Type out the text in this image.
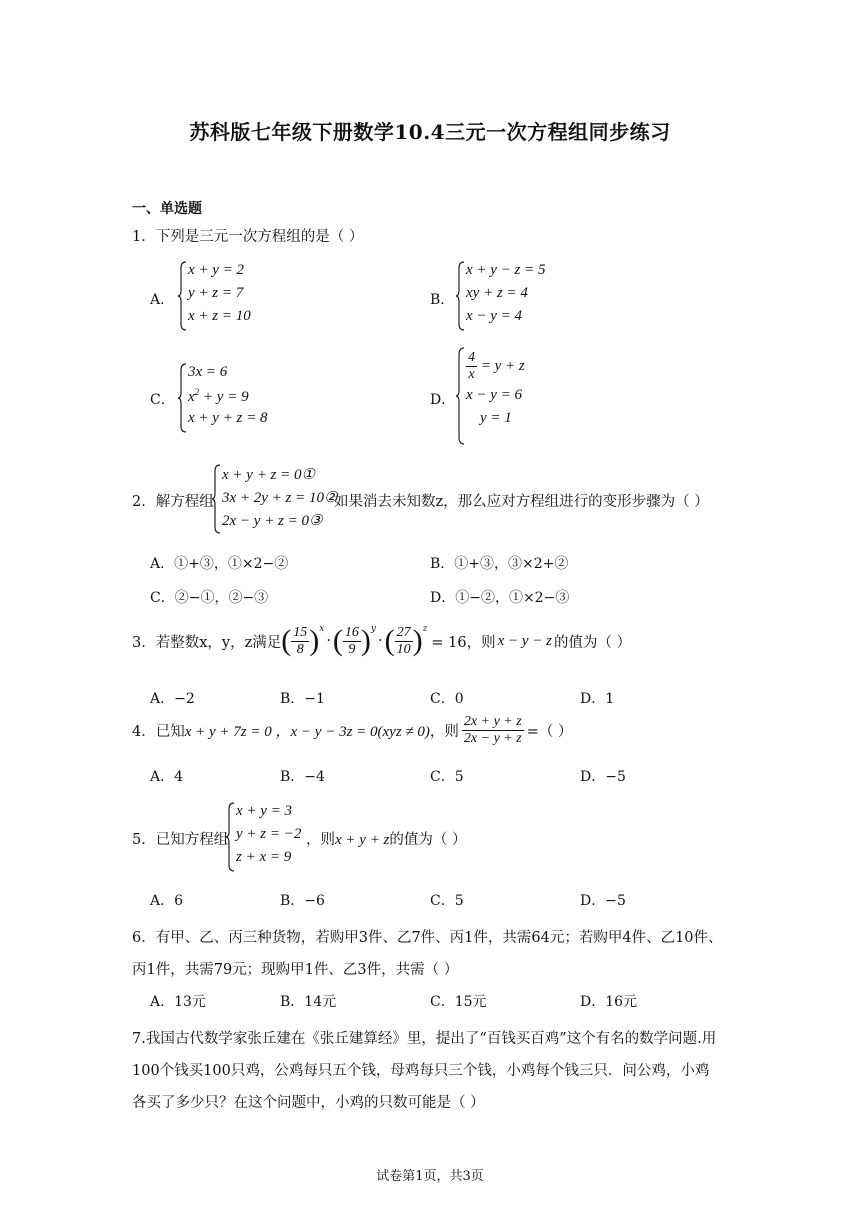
苏科版七年级下册数学10.4三元一次方程组同步练习
一、单选题
1．下列是三元一次方程组的是（ ）
A．
x + y = 2
y + z = 7
x + z = 10
B．
x + y − z = 5
xy + z = 4
x − y = 4
C．
3x = 6
$x^2 + y = 9$
x + y + z = 8
D．
$\frac{4}{x} = y + z$
x − y = 6
y = 1
2．解方程组
x + y + z = 0①
3x + 2y + z = 10②
2x − y + z = 0③
如果消去未知数z，那么应对方程组进行的变形步骤为（ ）
A．①+③，①×2−②	B．①+③，③×2+②
C．②−①，②−③	D．①−②，①×2−③
3．若整数x，y，z满足 ( $\frac{15}{8} )^x$
· ( $\frac{16}{9} )^y$
· ( $\frac{27}{10} )^z$
= 16，则 x − y − z 的值为（ ）
A．−2	B．−1	C．0	D．1
4．已知 x + y + 7z = 0 ，x − y − 3z = 0(xyz ≠ 0) ，则 $\frac{2x + y + z}{2x - y + z}$ =（ ）
A．4	B．−4	C．5	D．−5
5．已知方程组
x + y = 3
y + z = −2
z + x = 9
，则x + y + z的值为（ ）
A．6	B．−6	C．5	D．−5
6．有甲、乙、丙三种货物，若购甲3件、乙7件、丙1件，共需64元；若购甲4件、乙10件、
丙1件，共需79元；现购甲1件、乙3件，共需（ ）
A．13元	B．14元	C．15元	D．16元
7.我国古代数学家张丘建在《张丘建算经》里，提出了“百钱买百鸡”这个有名的数学问题.用
100个钱买100只鸡，公鸡每只五个钱，母鸡每只三个钱，小鸡每个钱三只．问公鸡，小鸡
各买了多少只？在这个问题中，小鸡的只数可能是（ ）
试卷第1页，共3页
